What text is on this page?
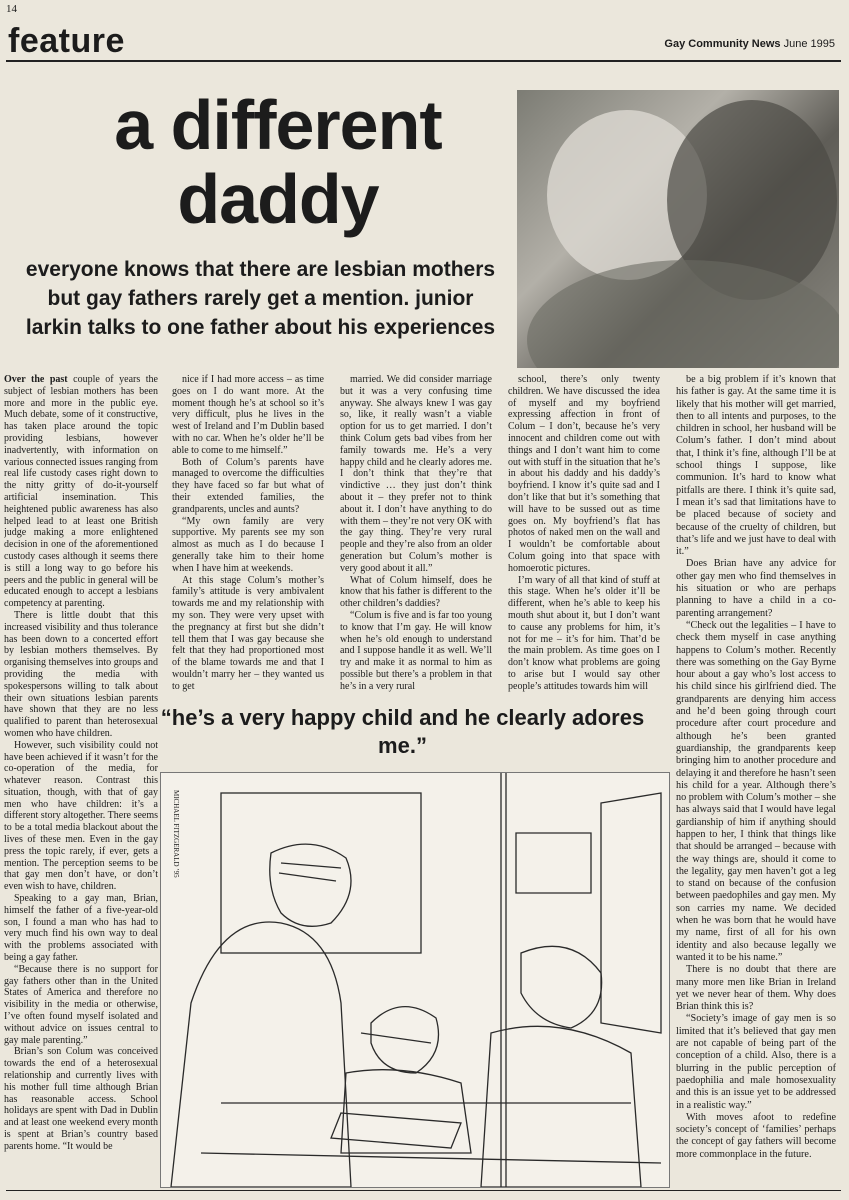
14
feature	Gay Community News June 1995
a different daddy
everyone knows that there are lesbian mothers but gay fathers rarely get a mention. junior larkin talks to one father about his experiences

Over the past couple of years the subject of lesbian mothers has been more and more in the public eye. Much debate, some of it constructive, has taken place around the topic providing lesbians, however inadvertently, with information on various connected issues ranging from real life custody cases right down to the nitty gritty of do-it-yourself artificial insemination. This heightened public awareness has also helped lead to at least one British judge making a more enlightened decision in one of the aforementioned custody cases although it seems there is still a long way to go before his peers and the public in general will be educated enough to accept a lesbians competency at parenting.

There is little doubt that this increased visibility and thus tolerance has been down to a concerted effort by lesbian mothers themselves. By organising themselves into groups and providing the media with spokespersons willing to talk about their own situations lesbian parents have shown that they are no less qualified to parent than heterosexual women who have children.

However, such visibility could not have been achieved if it wasn’t for the co-operation of the media, for whatever reason. Contrast this situation, though, with that of gay men who have children: it’s a different story altogether. There seems to be a total media blackout about the lives of these men. Even in the gay press the topic rarely, if ever, gets a mention. The perception seems to be that gay men don’t have, or don’t even wish to have, children.

Speaking to a gay man, Brian, himself the father of a five-year-old son, I found a man who has had to very much find his own way to deal with the problems associated with being a gay father.

“Because there is no support for gay fathers other than in the United States of America and therefore no visibility in the media or otherwise, I’ve often found myself isolated and without advice on issues central to gay male parenting.”

Brian’s son Colum was conceived towards the end of a heterosexual relationship and currently lives with his mother full time although Brian has reasonable access. School holidays are spent with Dad in Dublin and at least one weekend every month is spent at Brian’s country based parents home. “It would be

nice if I had more access – as time goes on I do want more. At the moment though he’s at school so it’s very difficult, plus he lives in the west of Ireland and I’m Dublin based with no car. When he’s older he’ll be able to come to me himself.”

Both of Colum’s parents have managed to overcome the difficulties they have faced so far but what of their extended families, the grandparents, uncles and aunts?

“My own family are very supportive. My parents see my son almost as much as I do because I generally take him to their home when I have him at weekends.

At this stage Colum’s mother’s family’s attitude is very ambivalent towards me and my relationship with my son. They were very upset with the pregnancy at first but she didn’t tell them that I was gay because she felt that they had proportioned most of the blame towards me and that I wouldn’t marry her – they wanted us to get

married. We did consider marriage but it was a very confusing time anyway. She always knew I was gay so, like, it really wasn’t a viable option for us to get married. I don’t think Colum gets bad vibes from her family towards me. He’s a very happy child and he clearly adores me. I don’t think that they’re that vindictive … they just don’t think about it – they prefer not to think about it. I don’t have anything to do with them – they’re not very OK with the gay thing. They’re very rural people and they’re also from an older generation but Colum’s mother is very good about it all.”

What of Colum himself, does he know that his father is different to the other children’s daddies?

“Colum is five and is far too young to know that I’m gay. He will know when he’s old enough to understand and I suppose handle it as well. We’ll try and make it as normal to him as possible but there’s a problem in that he’s in a very rural

school, there’s only twenty children. We have discussed the idea of myself and my boyfriend expressing affection in front of Colum – I don’t, because he’s very innocent and children come out with things and I don’t want him to come out with stuff in the situation that he’s in about his daddy and his daddy’s boyfriend. I know it’s quite sad and I don’t like that but it’s something that will have to be sussed out as time goes on. My boyfriend’s flat has photos of naked men on the wall and I wouldn’t be comfortable about Colum going into that space with homoerotic pictures.

I’m wary of all that kind of stuff at this stage. When he’s older it’ll be different, when he’s able to keep his mouth shut about it, but I don’t want to cause any problems for him, it’s not for me – it’s for him. That’d be the main problem. As time goes on I don’t know what problems are going to arise but I would say other people’s attitudes towards him will

be a big problem if it’s known that his father is gay. At the same time it is likely that his mother will get married, then to all intents and purposes, to the children in school, her husband will be Colum’s father. I don’t mind about that, I think it’s fine, although I’ll be at school things I suppose, like communion. It’s hard to know what pitfalls are there. I think it’s quite sad, I mean it’s sad that limitations have to be placed because of society and because of the cruelty of children, but that’s life and we just have to deal with it.”

Does Brian have any advice for other gay men who find themselves in his situation or who are perhaps planning to have a child in a co-parenting arrangement?

“Check out the legalities – I have to check them myself in case anything happens to Colum’s mother. Recently there was something on the Gay Byrne hour about a gay who’s lost access to his child since his girlfriend died. The grandparents are denying him access and he’d been going through court procedure after court procedure and although he’s been granted guardianship, the grandparents keep bringing him to another procedure and delaying it and therefore he hasn’t seen his child for a year. Although there’s no problem with Colum’s mother – she has always said that I would have legal gardianship of him if anything should happen to her, I think that things like that should be arranged – because with the way things are, should it come to the legality, gay men haven’t got a leg to stand on because of the confusion between paedophiles and gay men. My son carries my name. We decided when he was born that he would have my name, first of all for his own identity and also because legally we wanted it to be his name.”

There is no doubt that there are many more men like Brian in Ireland yet we never hear of them. Why does Brian think this is?

“Society’s image of gay men is so limited that it’s believed that gay men are not capable of being part of the conception of a child. Also, there is a blurring in the public perception of paedophilia and male homosexuality and this is an issue yet to be addressed in a realistic way.”

With moves afoot to redefine society’s concept of ‘families’ perhaps the concept of gay fathers will become more commonplace in the future.

“he’s a very happy child and he clearly adores me.”
MICHAEL FITZGERALD ’95
